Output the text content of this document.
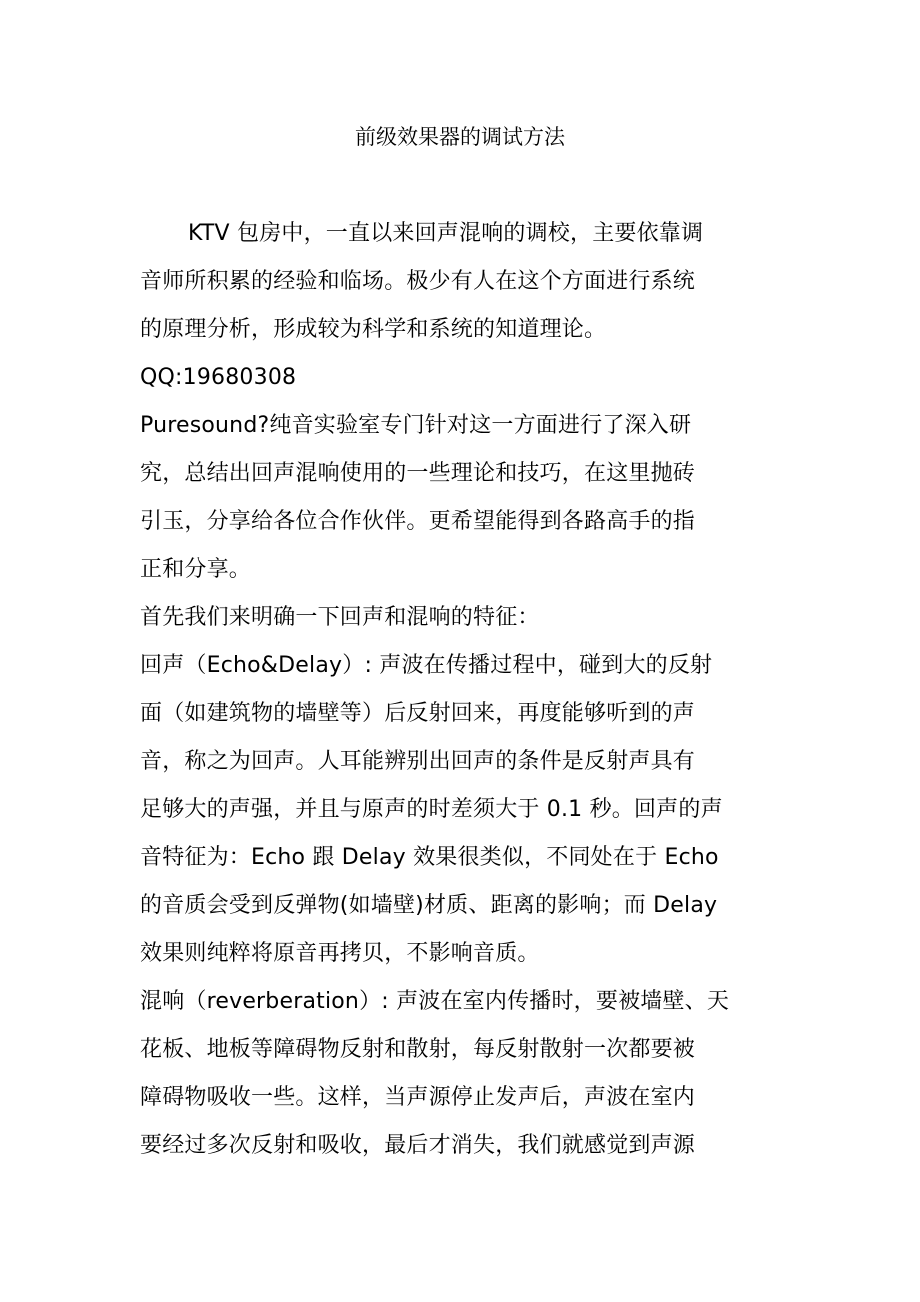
前级效果器的调试方法
KTV 包房中，一直以来回声混响的调校，主要依靠调
音师所积累的经验和临场。极少有人在这个方面进行系统
的原理分析，形成较为科学和系统的知道理论。
QQ:19680308
Puresound?纯音实验室专门针对这一方面进行了深入研
究，总结出回声混响使用的一些理论和技巧，在这里抛砖
引玉，分享给各位合作伙伴。更希望能得到各路高手的指
正和分享。
首先我们来明确一下回声和混响的特征：
回声（Echo&Delay）: 声波在传播过程中，碰到大的反射
面（如建筑物的墙壁等）后反射回来，再度能够听到的声
音，称之为回声。人耳能辨别出回声的条件是反射声具有
足够大的声强，并且与原声的时差须大于 0.1 秒。回声的声
音特征为：Echo 跟 Delay 效果很类似，不同处在于 Echo
的音质会受到反弹物(如墙壁)材质、距离的影响；而 Delay
效果则纯粹将原音再拷贝，不影响音质。
混响（reverberation）: 声波在室内传播时，要被墙壁、天
花板、地板等障碍物反射和散射，每反射散射一次都要被
障碍物吸收一些。这样，当声源停止发声后，声波在室内
要经过多次反射和吸收，最后才消失，我们就感觉到声源
